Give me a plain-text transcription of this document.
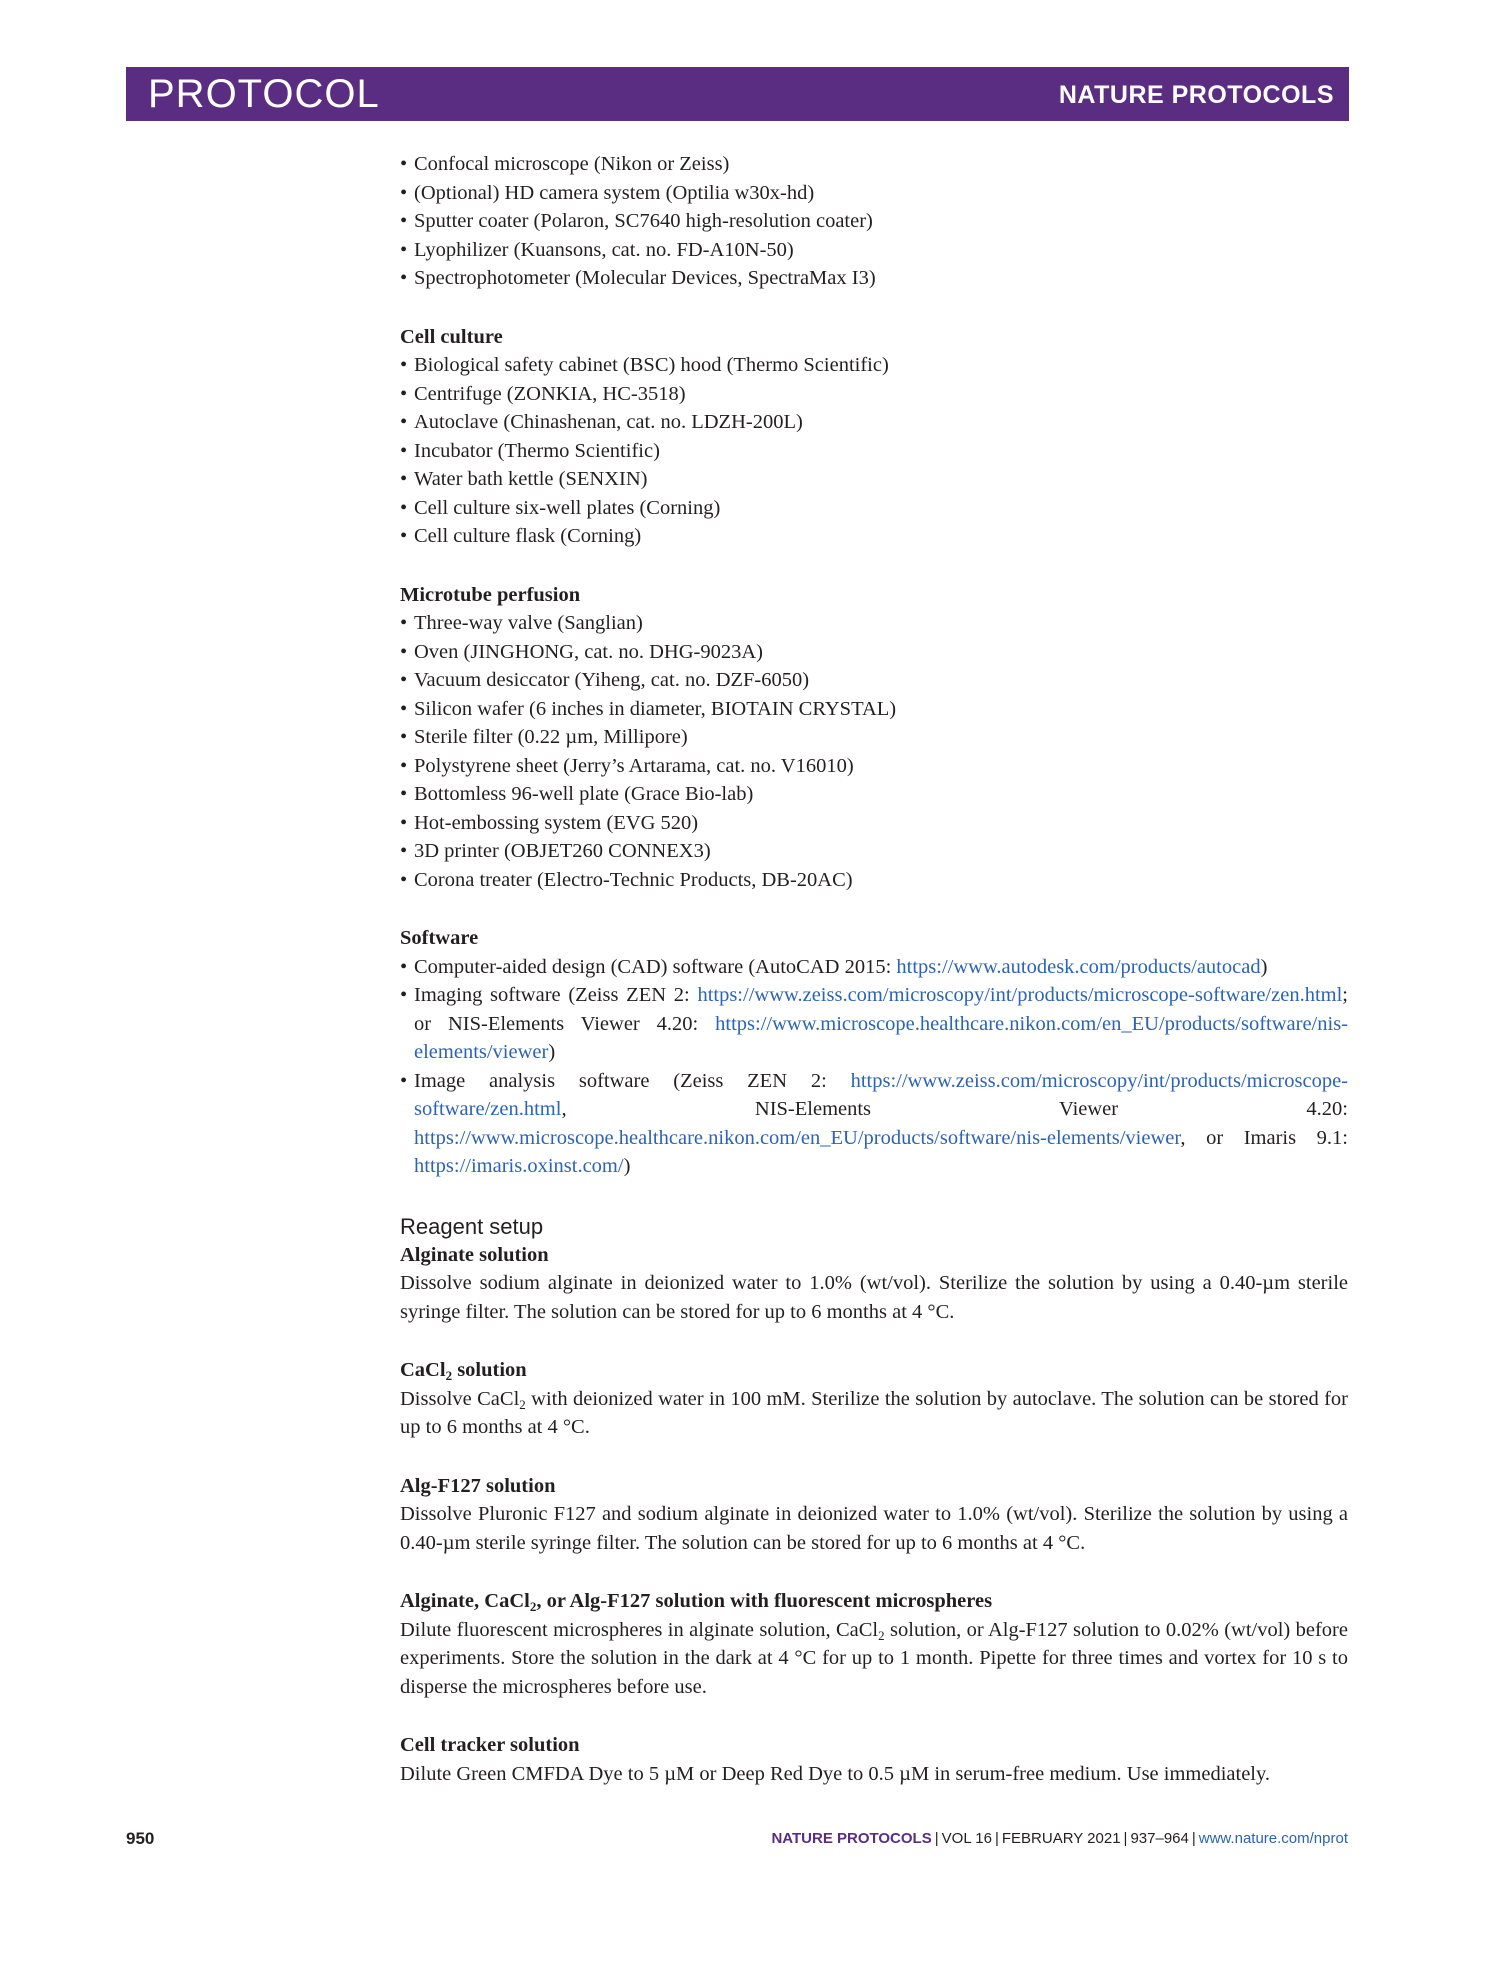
PROTOCOL	NATURE PROTOCOLS
• Confocal microscope (Nikon or Zeiss)
• (Optional) HD camera system (Optilia w30x-hd)
• Sputter coater (Polaron, SC7640 high-resolution coater)
• Lyophilizer (Kuansons, cat. no. FD-A10N-50)
• Spectrophotometer (Molecular Devices, SpectraMax I3)

Cell culture

• Biological safety cabinet (BSC) hood (Thermo Scientific)
• Centrifuge (ZONKIA, HC-3518)
• Autoclave (Chinashenan, cat. no. LDZH-200L)
• Incubator (Thermo Scientific)
• Water bath kettle (SENXIN)
• Cell culture six-well plates (Corning)
• Cell culture flask (Corning)

Microtube perfusion

• Three-way valve (Sanglian)
• Oven (JINGHONG, cat. no. DHG-9023A)
• Vacuum desiccator (Yiheng, cat. no. DZF-6050)
• Silicon wafer (6 inches in diameter, BIOTAIN CRYSTAL)
• Sterile filter (0.22 µm, Millipore)
• Polystyrene sheet (Jerry’s Artarama, cat. no. V16010)
• Bottomless 96-well plate (Grace Bio-lab)
• Hot-embossing system (EVG 520)
• 3D printer (OBJET260 CONNEX3)
• Corona treater (Electro-Technic Products, DB-20AC)

Software

• Computer-aided design (CAD) software (AutoCAD 2015: https://www.autodesk.com/products/autocad)
• Imaging software (Zeiss ZEN 2: https://www.zeiss.com/microscopy/int/products/microscope-software/zen.html; or NIS-Elements Viewer 4.20: https://www.microscope.healthcare.nikon.com/en_EU/products/software/nis-elements/viewer)
• Image analysis software (Zeiss ZEN 2: https://www.zeiss.com/microscopy/int/products/microscope-software/zen.html, NIS-Elements Viewer 4.20: https://www.microscope.healthcare.nikon.com/en_EU/products/software/nis-elements/viewer, or Imaris 9.1: https://imaris.oxinst.com/)
Reagent setup

Alginate solution

Dissolve sodium alginate in deionized water to 1.0% (wt/vol). Sterilize the solution by using a 0.40-µm sterile syringe filter. The solution can be stored for up to 6 months at 4 °C.

CaCl$_2$ solution

Dissolve CaCl$_2$ with deionized water in 100 mM. Sterilize the solution by autoclave. The solution can be stored for up to 6 months at 4 °C.

Alg-F127 solution

Dissolve Pluronic F127 and sodium alginate in deionized water to 1.0% (wt/vol). Sterilize the solution by using a 0.40-µm sterile syringe filter. The solution can be stored for up to 6 months at 4 °C.

Alginate, CaCl$_2$, or Alg-F127 solution with fluorescent microspheres

Dilute fluorescent microspheres in alginate solution, CaCl$_2$ solution, or Alg-F127 solution to 0.02% (wt/vol) before experiments. Store the solution in the dark at 4 °C for up to 1 month. Pipette for three times and vortex for 10 s to disperse the microspheres before use.

Cell tracker solution

Dilute Green CMFDA Dye to 5 µM or Deep Red Dye to 0.5 µM in serum-free medium. Use immediately.

950	NATURE PROTOCOLS | VOL 16 | FEBRUARY 2021 | 937–964 | www.nature.com/nprot
